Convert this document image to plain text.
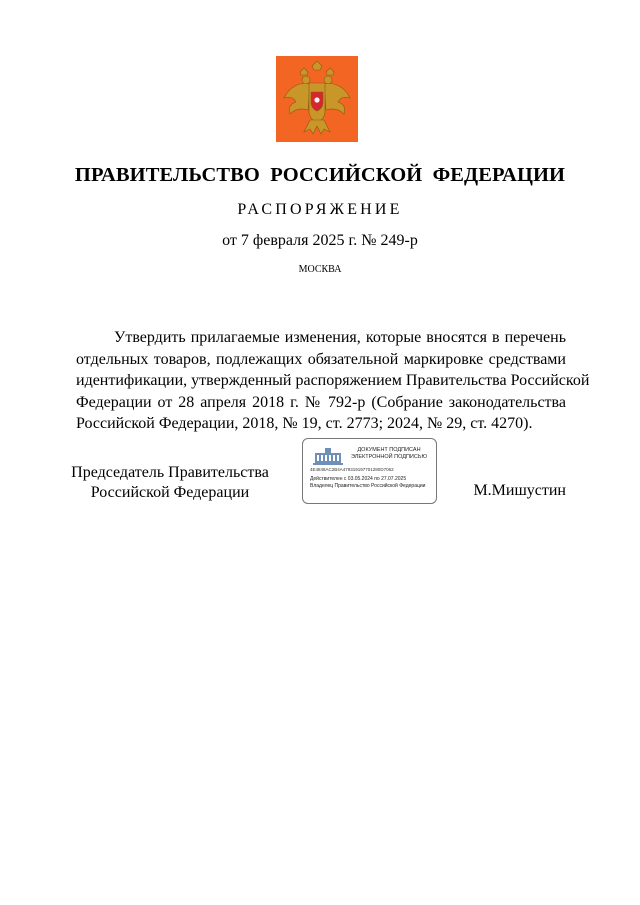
ПРАВИТЕЛЬСТВО РОССИЙСКОЙ ФЕДЕРАЦИИ
РАСПОРЯЖЕНИЕ
от 7 февраля 2025 г. № 249-р
МОСКВА
Утвердить прилагаемые изменения, которые вносятся в перечень
отдельных товаров, подлежащих обязательной маркировке средствами
идентификации, утвержденный распоряжением Правительства Российской
Федерации от 28 апреля 2018 г. № 792-р (Собрание законодательства
Российской Федерации, 2018, № 19, ст. 2773; 2024, № 29, ст. 4270).
Председатель Правительства
Российской Федерации
ДОКУМЕНТ ПОДПИСАН
ЭЛЕКТРОННОЙ ПОДПИСЬЮ
4E4848AC2B4A479319197701280D7062
Действителен с 03.05.2024 по 27.07.2025
Владелец Правительство Российской Федерации	М.Мишустин
